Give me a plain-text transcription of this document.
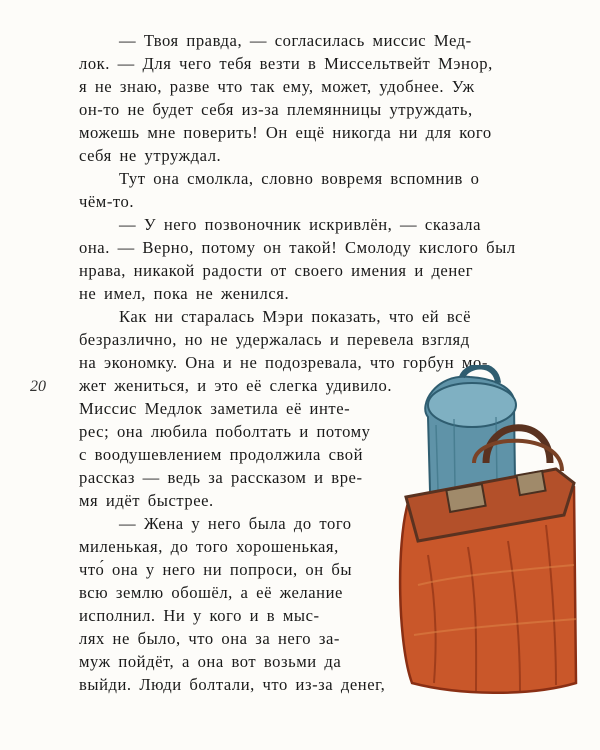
— Твоя правда, — согласилась миссис Мед-
лок. — Для чего тебя везти в Миссельтвейт Мэнор,
я не знаю, разве что так ему, может, удобнее. Уж
он-то не будет себя из-за племянницы утруждать,
можешь мне поверить! Он ещё никогда ни для кого
себя не утруждал.
Тут она смолкла, словно вовремя вспомнив о
чём-то.
— У него позвоночник искривлён, — сказала
она. — Верно, потому он такой! Смолоду кислого был
нрава, никакой радости от своего имения и денег
не имел, пока не женился.
Как ни старалась Мэри показать, что ей всё
безразлично, но не удержалась и перевела взгляд
на экономку. Она и не подозревала, что горбун мо-
жет жениться, и это её слегка удивило.
Миссис Медлок заметила её инте-
рес; она любила поболтать и потому
с воодушевлением продолжила свой
рассказ — ведь за рассказом и вре-
мя идёт быстрее.
— Жена у него была до того
миленькая, до того хорошенькая,
что́ она у него ни попроси, он бы
всю землю обошёл, а её желание
исполнил. Ни у кого и в мыс-
лях не было, что она за него за-
муж пойдёт, а она вот возьми да
выйди. Люди болтали, что из-за денег,
20
